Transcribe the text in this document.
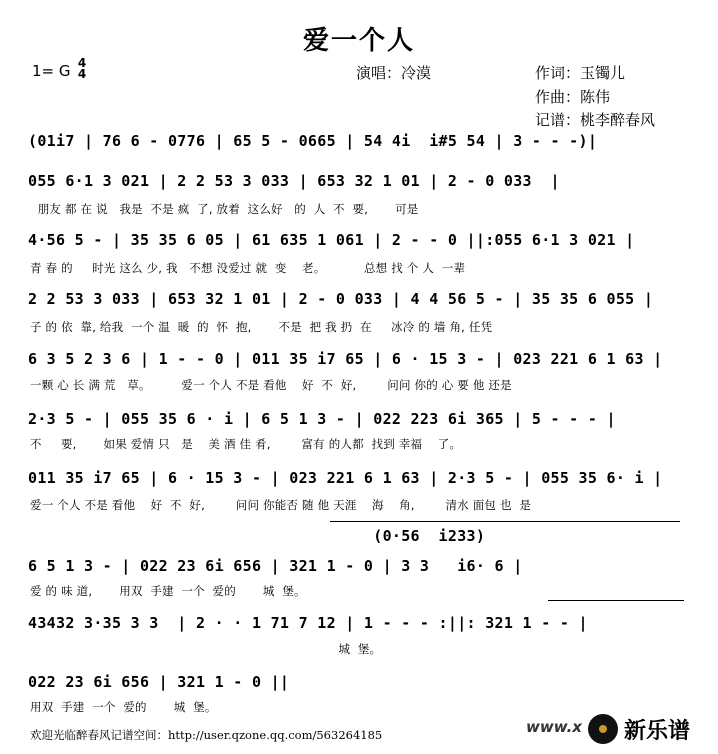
爱一个人
1= G 4
4	演唱：冷漠	作词：玉镯儿
作曲：陈伟
记谱：桃李醉春风
(01i7 | 76 6 - 0776 | 65 5 - 0665 | 54 4i  i#5 54 | 3 - - -)|
055 6·1 3 021 | 2 2 53 3 033 | 653 32 1 01 | 2 - 0 033  |
朋友 都 在 说   我是  不是 疯  了, 放着  这么好   的  人  不  要,       可是
4·56 5 - | 35 35 6 05 | 61 635 1 061 | 2 - - 0 ||:055 6·1 3 021 |
青 春 的     时光 这么 少, 我   不想 没爱过 就  变    老。          总想 找 个 人  一辈
2 2 53 3 033 | 653 32 1 01 | 2 - 0 033 | 4 4 56 5 - | 35 35 6 055 |
子 的 依  靠, 给我  一个 温  暖  的  怀  抱,       不是  把 我 扔  在     冰冷 的 墙 角, 任凭
6 3 5 2 3 6 | 1 - - 0 | 011 35 i7 65 | 6 · 15 3 - | 023 221 6 1 63 |
一颗 心 长 满 荒   草。        爱一 个人 不是 看他    好  不  好,        问问 你的 心 要 他 还是
2·3 5 - | 055 35 6 · i | 6 5 1 3 - | 022 223 6i 365 | 5 - - - |
不     要,       如果 爱情 只   是    美 酒 佳 肴,        富有 的人都  找到 幸福    了。
011 35 i7 65 | 6 · 15 3 - | 023 221 6 1 63 | 2·3 5 - | 055 35 6· i |
爱一 个人 不是 看他    好  不  好,        问问 你能否 随 他 天涯    海    角,        清水 面包 也  是
(0·56  i233)
6 5 1 3 - | 022 23 6i 656 | 321 1 - 0 | 3 3   i6· 6 |
爱 的 味 道,       用双  手建  一个  爱的       城  堡。
43432 3·35 3 3  | 2 · · 1 71 7 12 | 1 - - - :||: 321 1 - - |
城  堡。
022 23 6i 656 | 321 1 - 0 ||
用双  手建  一个  爱的       城  堡。
欢迎光临醉春风记谱空间：http://user.qzone.qq.com/563264185	www.x 新乐谱
